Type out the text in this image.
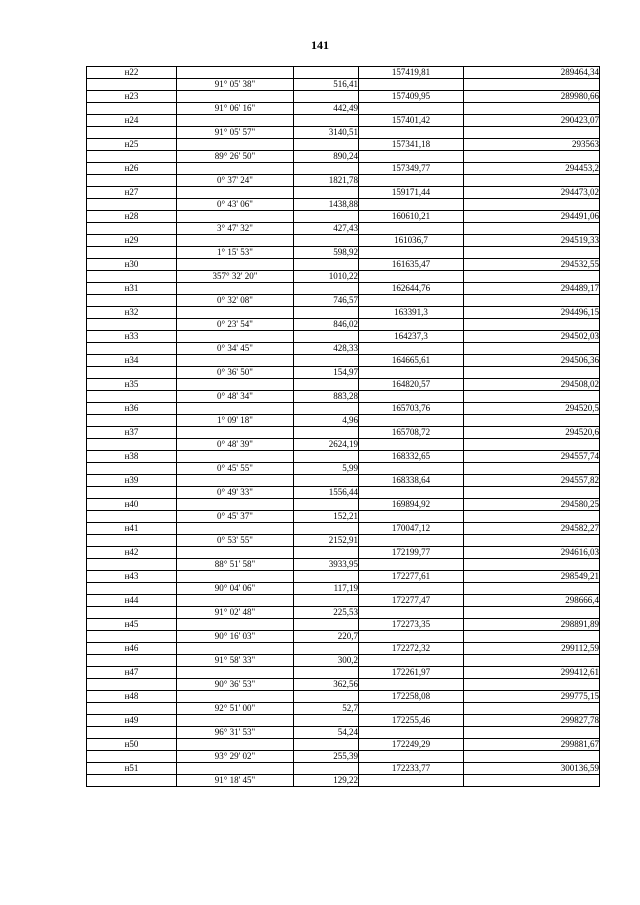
141
н22			157419,81	289464,34
	91° 05' 38"	516,41		
н23			157409,95	289980,66
	91° 06' 16"	442,49		
н24			157401,42	290423,07
	91° 05' 57"	3140,51		
н25			157341,18	293563
	89° 26' 50"	890,24		
н26			157349,77	294453,2
	0° 37' 24"	1821,78		
н27			159171,44	294473,02
	0° 43' 06"	1438,88		
н28			160610,21	294491,06
	3° 47' 32"	427,43		
н29			161036,7	294519,33
	1° 15' 53"	598,92		
н30			161635,47	294532,55
	357° 32' 20"	1010,22		
н31			162644,76	294489,17
	0° 32' 08"	746,57		
н32			163391,3	294496,15
	0° 23' 54"	846,02		
н33			164237,3	294502,03
	0° 34' 45"	428,33		
н34			164665,61	294506,36
	0° 36' 50"	154,97		
н35			164820,57	294508,02
	0° 48' 34"	883,28		
н36			165703,76	294520,5
	1° 09' 18"	4,96		
н37			165708,72	294520,6
	0° 48' 39"	2624,19		
н38			168332,65	294557,74
	0° 45' 55"	5,99		
н39			168338,64	294557,82
	0° 49' 33"	1556,44		
н40			169894,92	294580,25
	0° 45' 37"	152,21		
н41			170047,12	294582,27
	0° 53' 55"	2152,91		
н42			172199,77	294616,03
	88° 51' 58"	3933,95		
н43			172277,61	298549,21
	90° 04' 06"	117,19		
н44			172277,47	298666,4
	91° 02' 48"	225,53		
н45			172273,35	298891,89
	90° 16' 03"	220,7		
н46			172272,32	299112,59
	91° 58' 33"	300,2		
н47			172261,97	299412,61
	90° 36' 53"	362,56		
н48			172258,08	299775,15
	92° 51' 00"	52,7		
н49			172255,46	299827,78
	96° 31' 53"	54,24		
н50			172249,29	299881,67
	93° 29' 02"	255,39		
н51			172233,77	300136,59
	91° 18' 45"	129,22		
